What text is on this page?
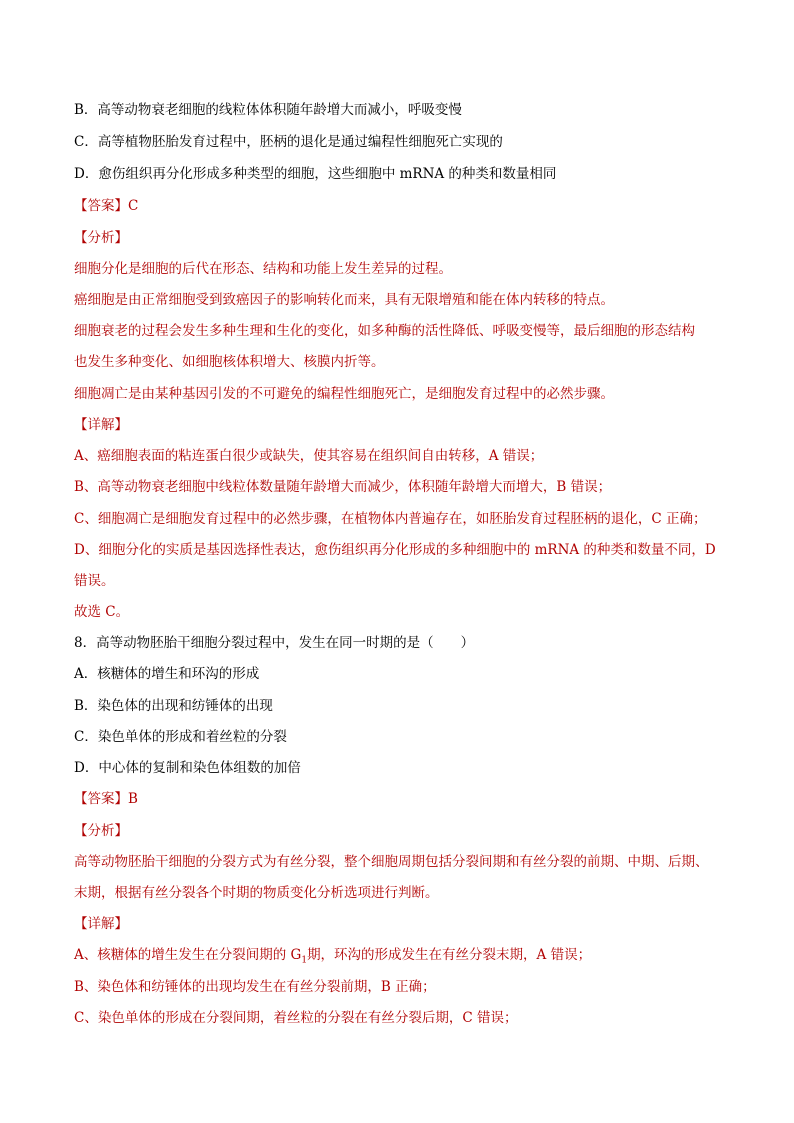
B．高等动物衰老细胞的线粒体体积随年龄增大而减小，呼吸变慢
C．高等植物胚胎发育过程中，胚柄的退化是通过编程性细胞死亡实现的
D．愈伤组织再分化形成多种类型的细胞，这些细胞中 mRNA 的种类和数量相同
【答案】C
【分析】
细胞分化是细胞的后代在形态、结构和功能上发生差异的过程。
癌细胞是由正常细胞受到致癌因子的影响转化而来，具有无限增殖和能在体内转移的特点。
细胞衰老的过程会发生多种生理和生化的变化，如多种酶的活性降低、呼吸变慢等，最后细胞的形态结构
也发生多种变化、如细胞核体积增大、核膜内折等。
细胞凋亡是由某种基因引发的不可避免的编程性细胞死亡，是细胞发育过程中的必然步骤。
【详解】
A、癌细胞表面的粘连蛋白很少或缺失，使其容易在组织间自由转移，A 错误；
B、高等动物衰老细胞中线粒体数量随年龄增大而减少，体积随年龄增大而增大，B 错误；
C、细胞凋亡是细胞发育过程中的必然步骤，在植物体内普遍存在，如胚胎发育过程胚柄的退化，C 正确；
D、细胞分化的实质是基因选择性表达，愈伤组织再分化形成的多种细胞中的 mRNA 的种类和数量不同，D
错误。
故选 C。
8．高等动物胚胎干细胞分裂过程中，发生在同一时期的是（　　）
A．核糖体的增生和环沟的形成
B．染色体的出现和纺锤体的出现
C．染色单体的形成和着丝粒的分裂
D．中心体的复制和染色体组数的加倍
【答案】B
【分析】
高等动物胚胎干细胞的分裂方式为有丝分裂，整个细胞周期包括分裂间期和有丝分裂的前期、中期、后期、
末期，根据有丝分裂各个时期的物质变化分析选项进行判断。
【详解】
A、核糖体的增生发生在分裂间期的 $G_1$期，环沟的形成发生在有丝分裂末期，A 错误；
B、染色体和纺锤体的出现均发生在有丝分裂前期，B 正确；
C、染色单体的形成在分裂间期，着丝粒的分裂在有丝分裂后期，C 错误；
